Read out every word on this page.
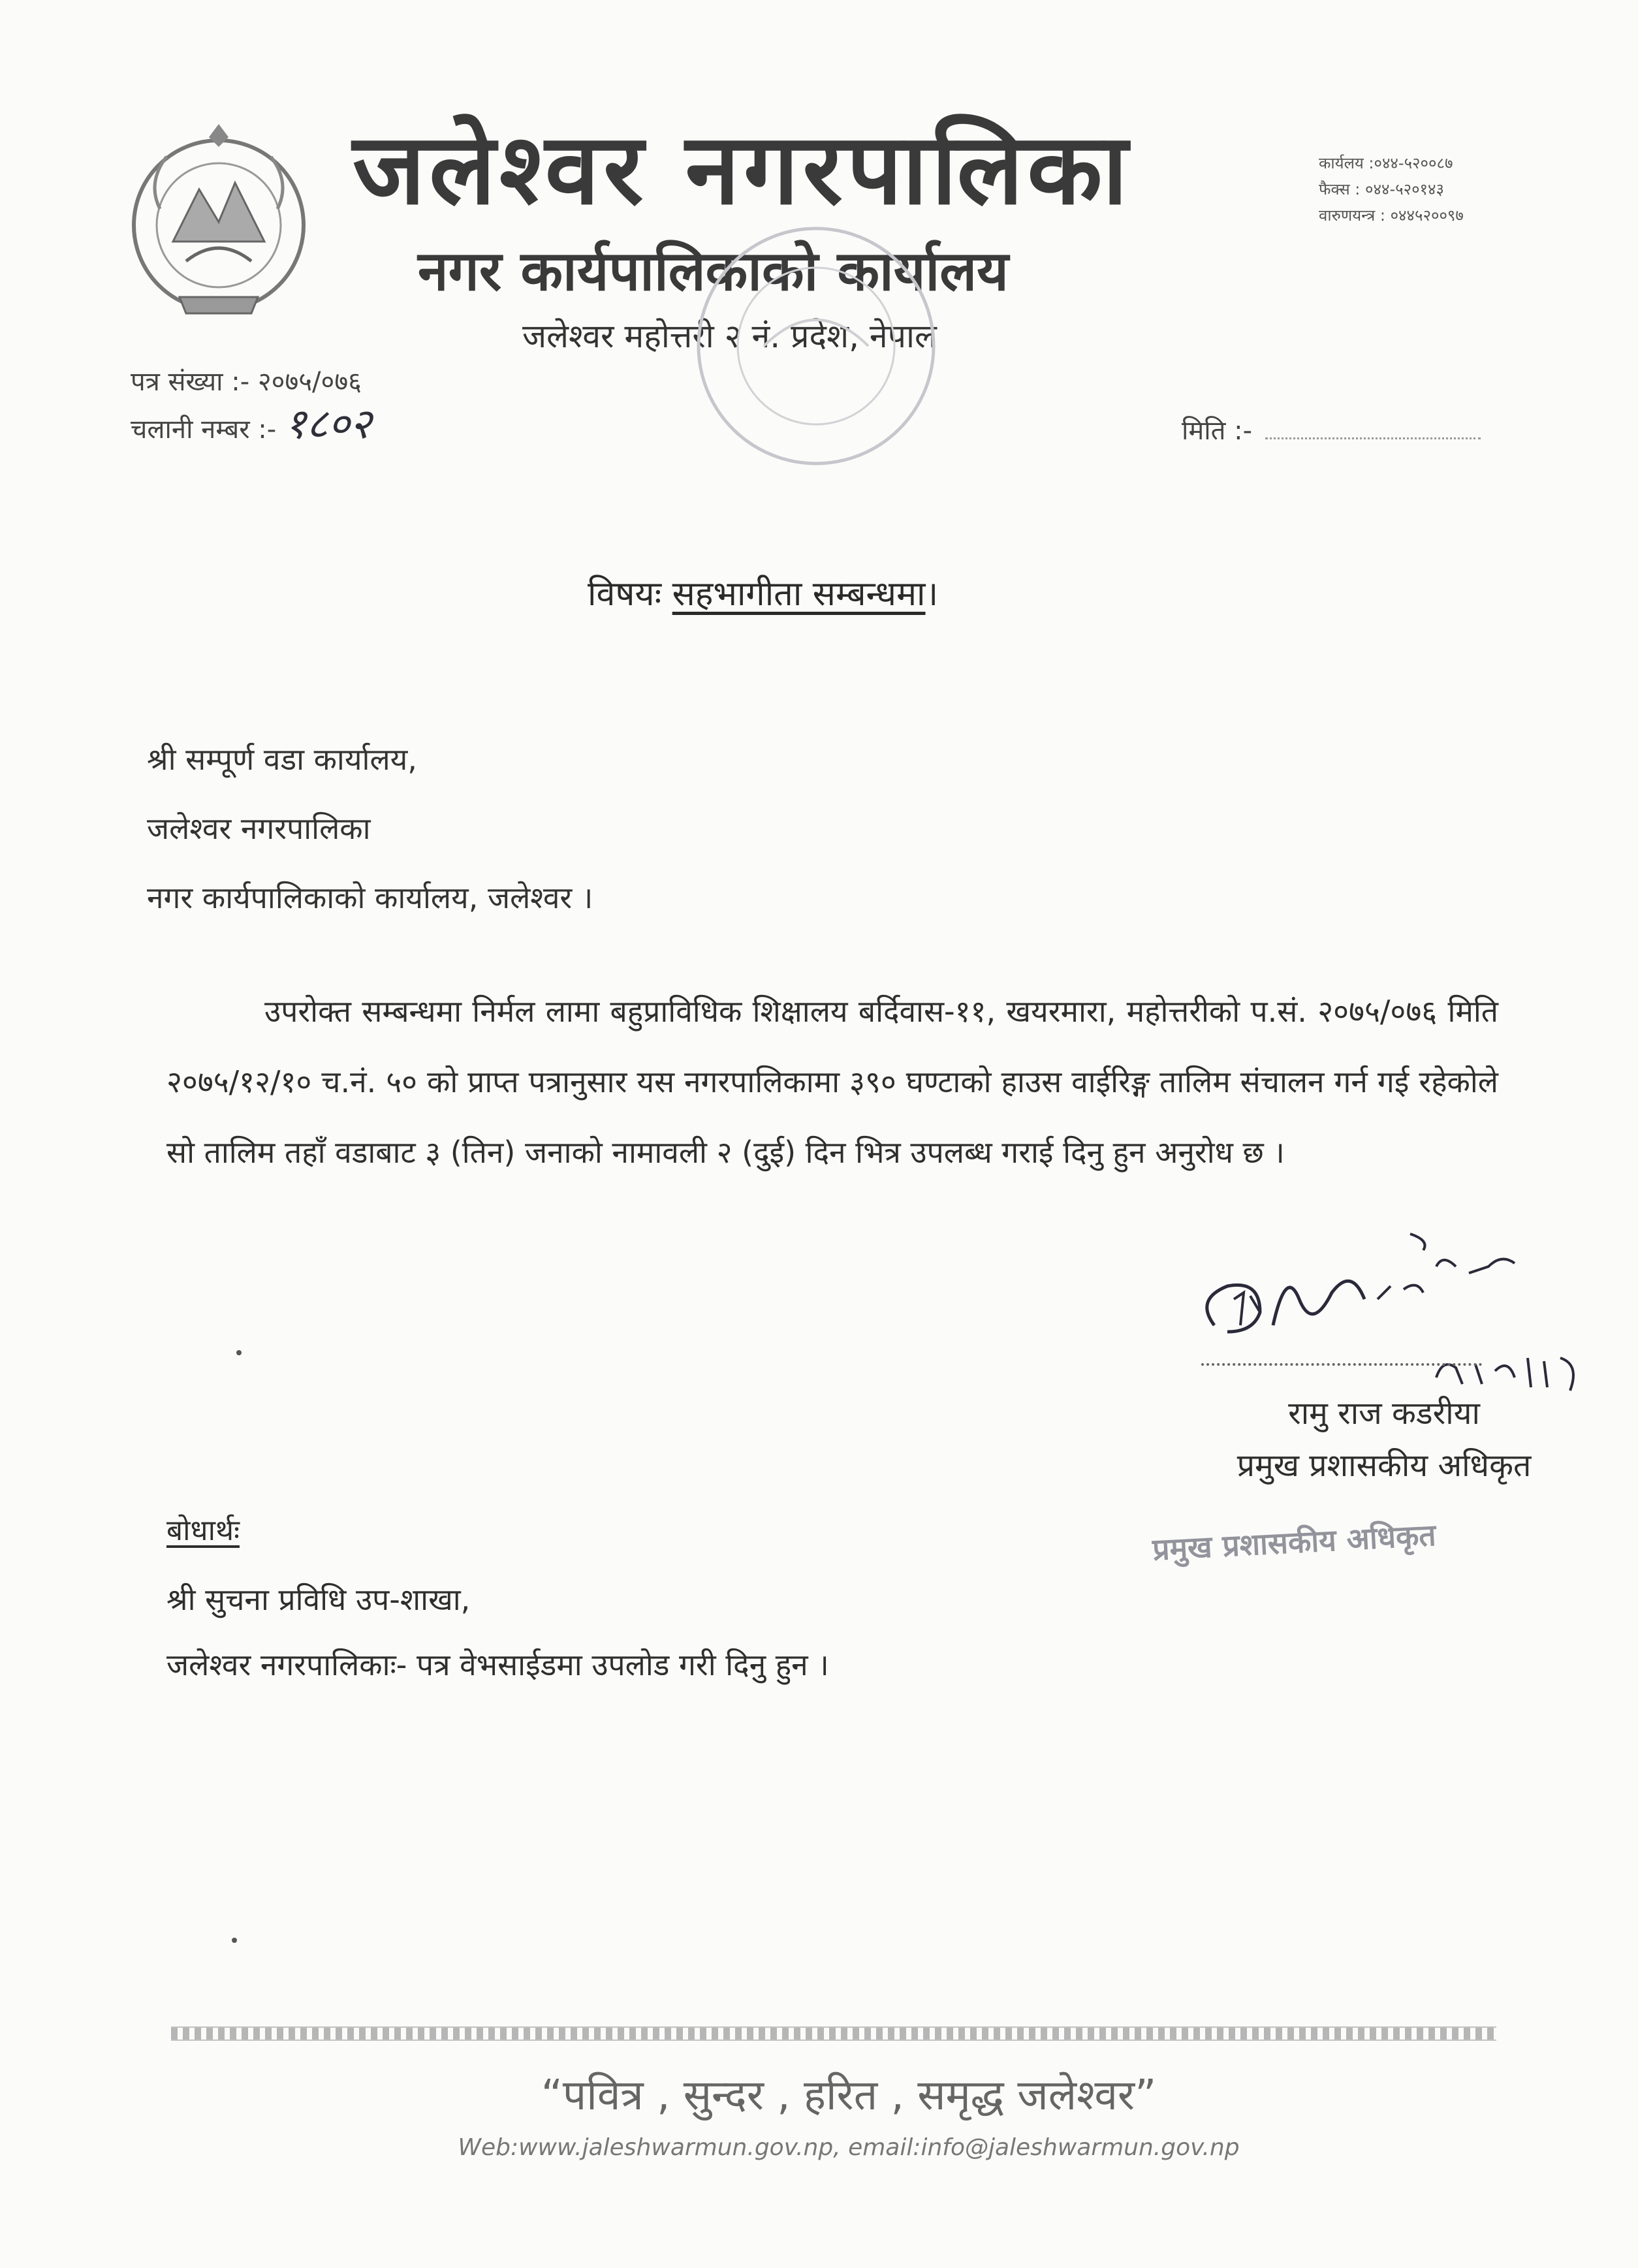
जलेश्वर नगरपालिका
नगर कार्यपालिकाको कार्यालय
जलेश्वर महोत्तरी २ नं. प्रदेश, नेपाल
कार्यलय :०४४-५२००८७
फैक्स : ०४४-५२०१४३
वारुणयन्त्र : ०४४५२००९७
पत्र संख्या :- २०७५/०७६
चलानी नम्बर :- १८०२	मिति :-
विषयः सहभागीता सम्बन्धमा।
श्री सम्पूर्ण वडा कार्यालय,
जलेश्वर नगरपालिका
नगर कार्यपालिकाको कार्यालय, जलेश्वर ।
उपरोक्त सम्बन्धमा निर्मल लामा बहुप्राविधिक शिक्षालय बर्दिवास-११, खयरमारा, महोत्तरीको प.सं. २०७५/०७६ मिति २०७५/१२/१० च.नं. ५० को प्राप्त पत्रानुसार यस नगरपालिकामा ३९० घण्टाको हाउस वाईरिङ्ग तालिम संचालन गर्न गई रहेकोले सो तालिम तहाँ वडाबाट ३ (तिन) जनाको नामावली २ (दुई) दिन भित्र उपलब्ध गराई दिनु हुन अनुरोध छ ।
रामु राज कडरीया
प्रमुख प्रशासकीय अधिकृत
प्रमुख प्रशासकीय अधिकृत
बोधार्थः
श्री सुचना प्रविधि उप-शाखा,
जलेश्वर नगरपालिकाः- पत्र वेभसाईडमा उपलोड गरी दिनु हुन ।
“पवित्र , सुन्दर , हरित , समृद्ध जलेश्वर”
Web:www.jaleshwarmun.gov.np, email:info@jaleshwarmun.gov.np
